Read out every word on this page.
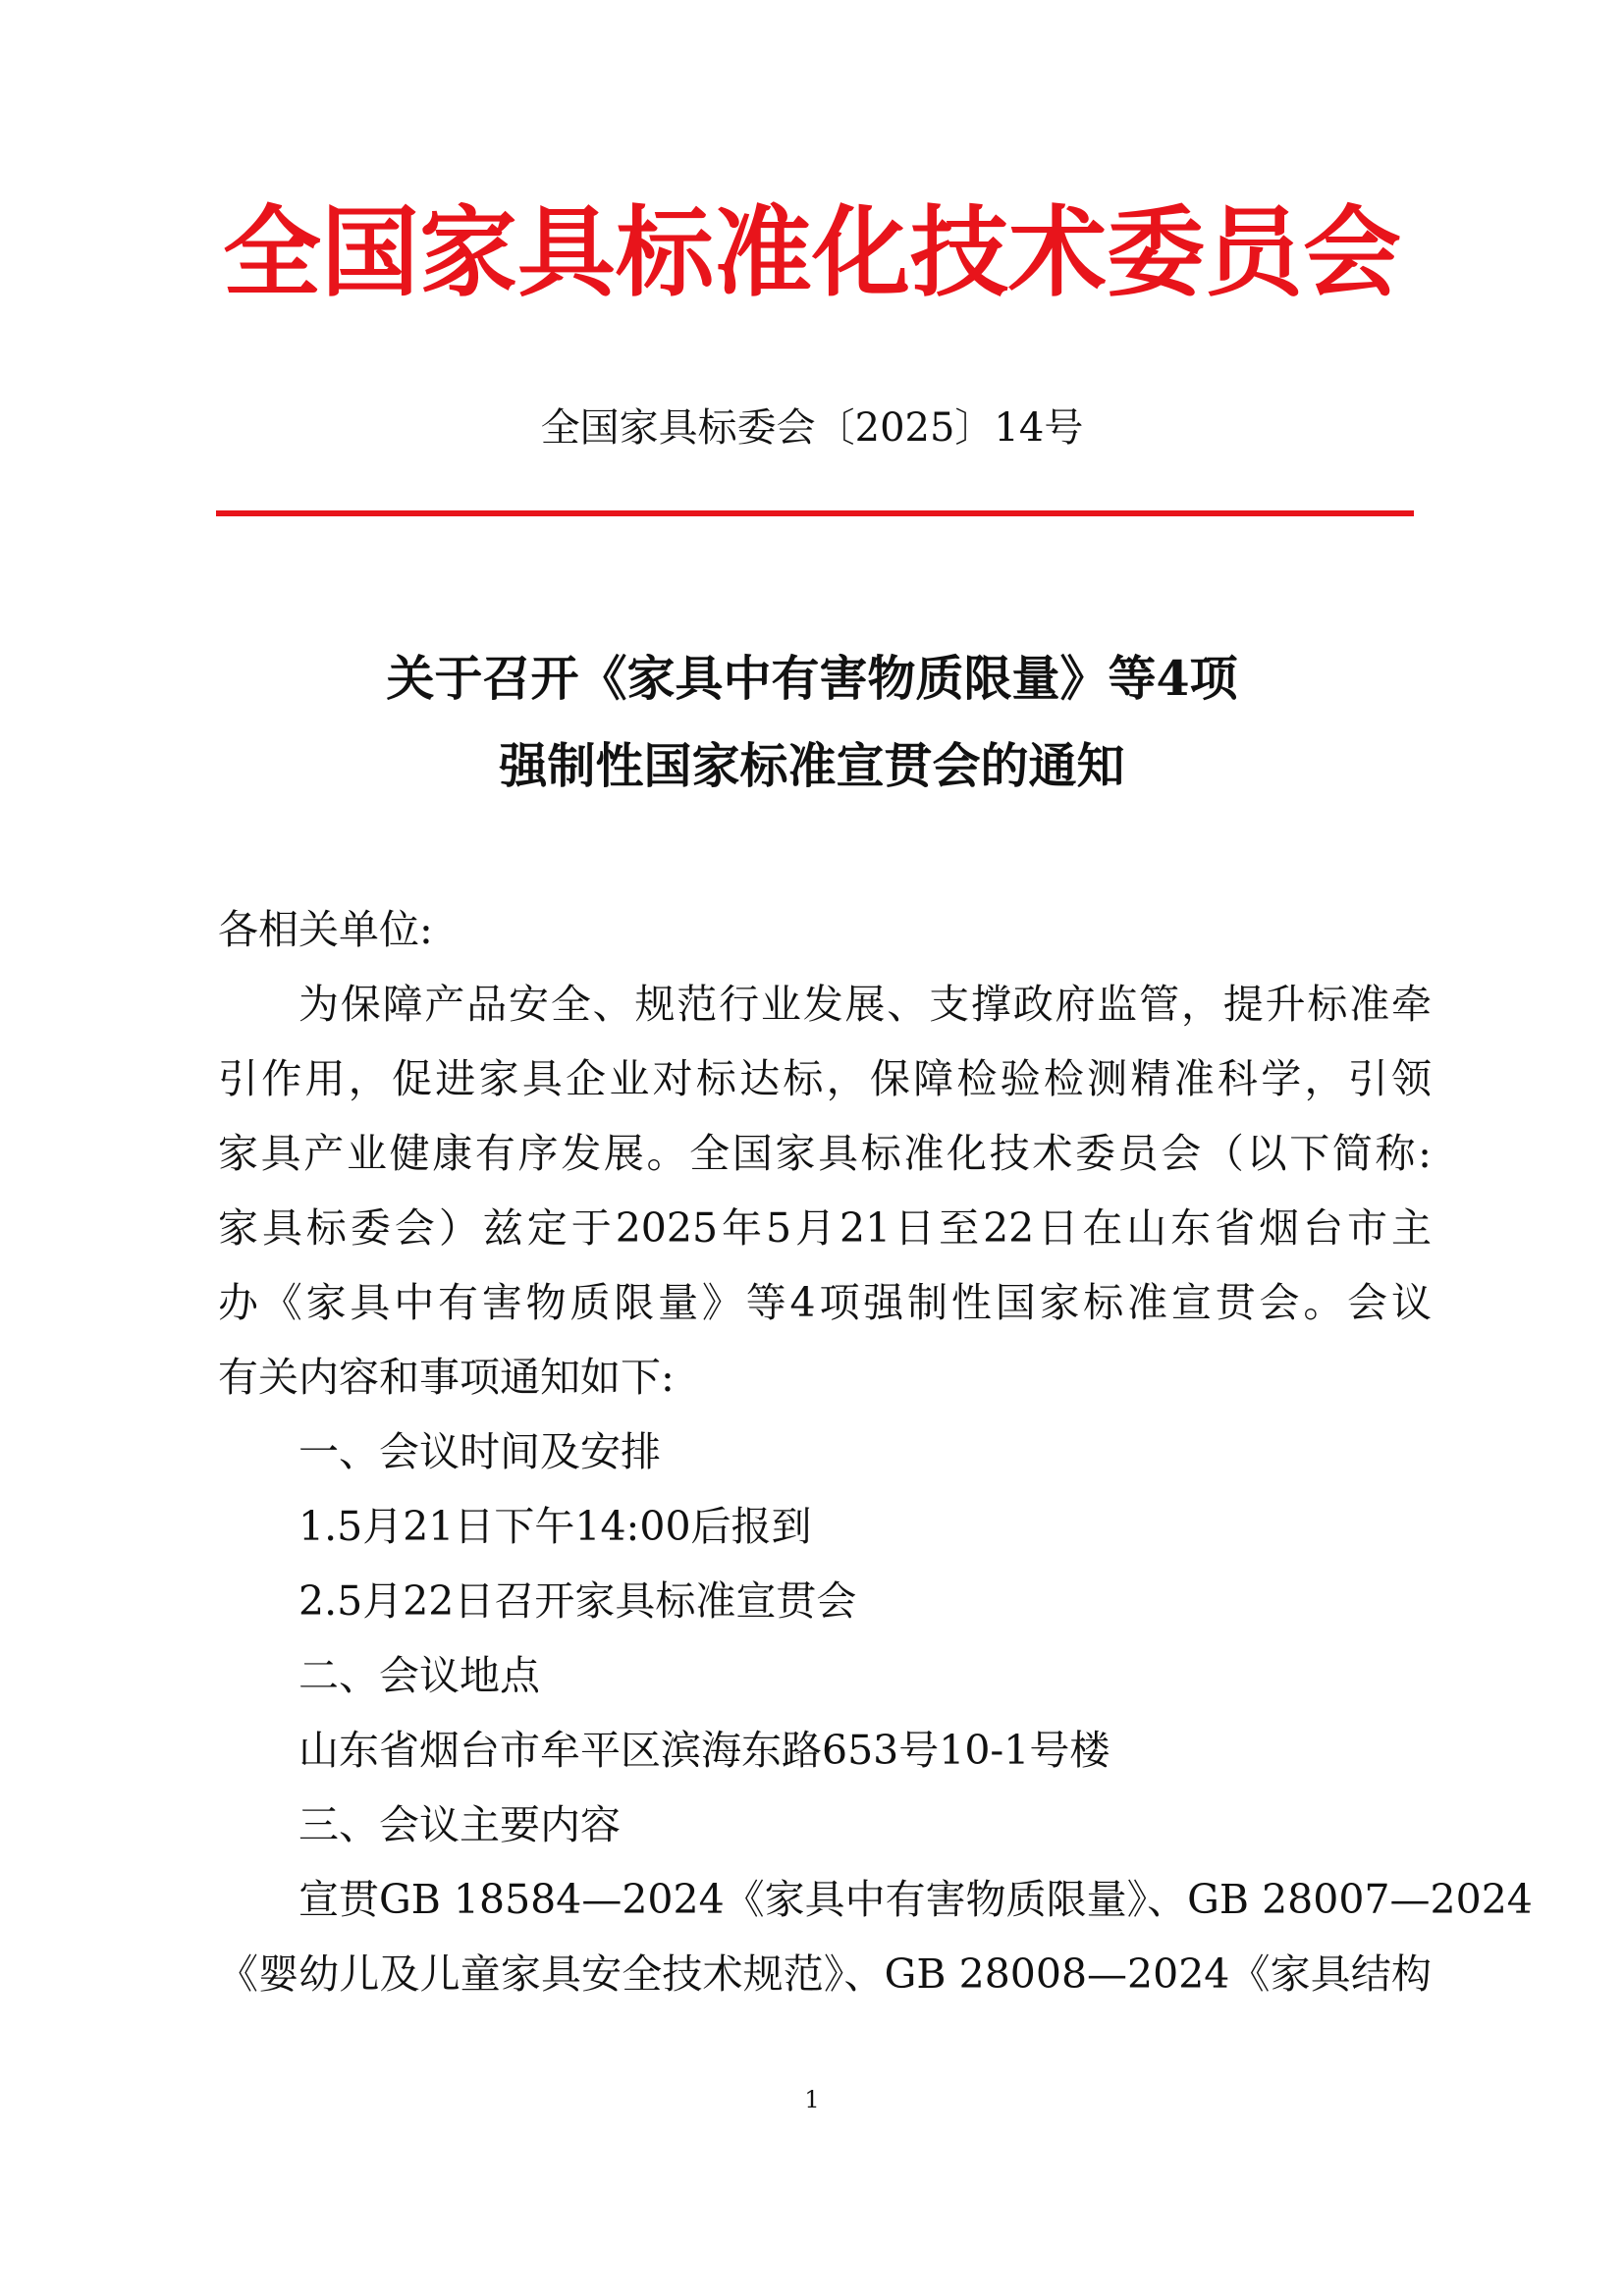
全国家具标准化技术委员会
全国家具标委会〔2025〕14号
关于召开《家具中有害物质限量》等4项
强制性国家标准宣贯会的通知
各相关单位:
为保障产品安全、规范行业发展、支撑政府监管，提升标准牵
引作用，促进家具企业对标达标，保障检验检测精准科学，引领
家具产业健康有序发展。全国家具标准化技术委员会（以下简称:
家具标委会）兹定于2025年5月21日至22日在山东省烟台市主
办《家具中有害物质限量》等4项强制性国家标准宣贯会。会议
有关内容和事项通知如下:
一、会议时间及安排
1.5月21日下午14:00后报到
2.5月22日召开家具标准宣贯会
二、会议地点
山东省烟台市牟平区滨海东路653号10-1号楼
三、会议主要内容
宣贯GB 18584—2024《家具中有害物质限量》、GB 28007—2024
《婴幼儿及儿童家具安全技术规范》、GB 28008—2024《家具结构
1
